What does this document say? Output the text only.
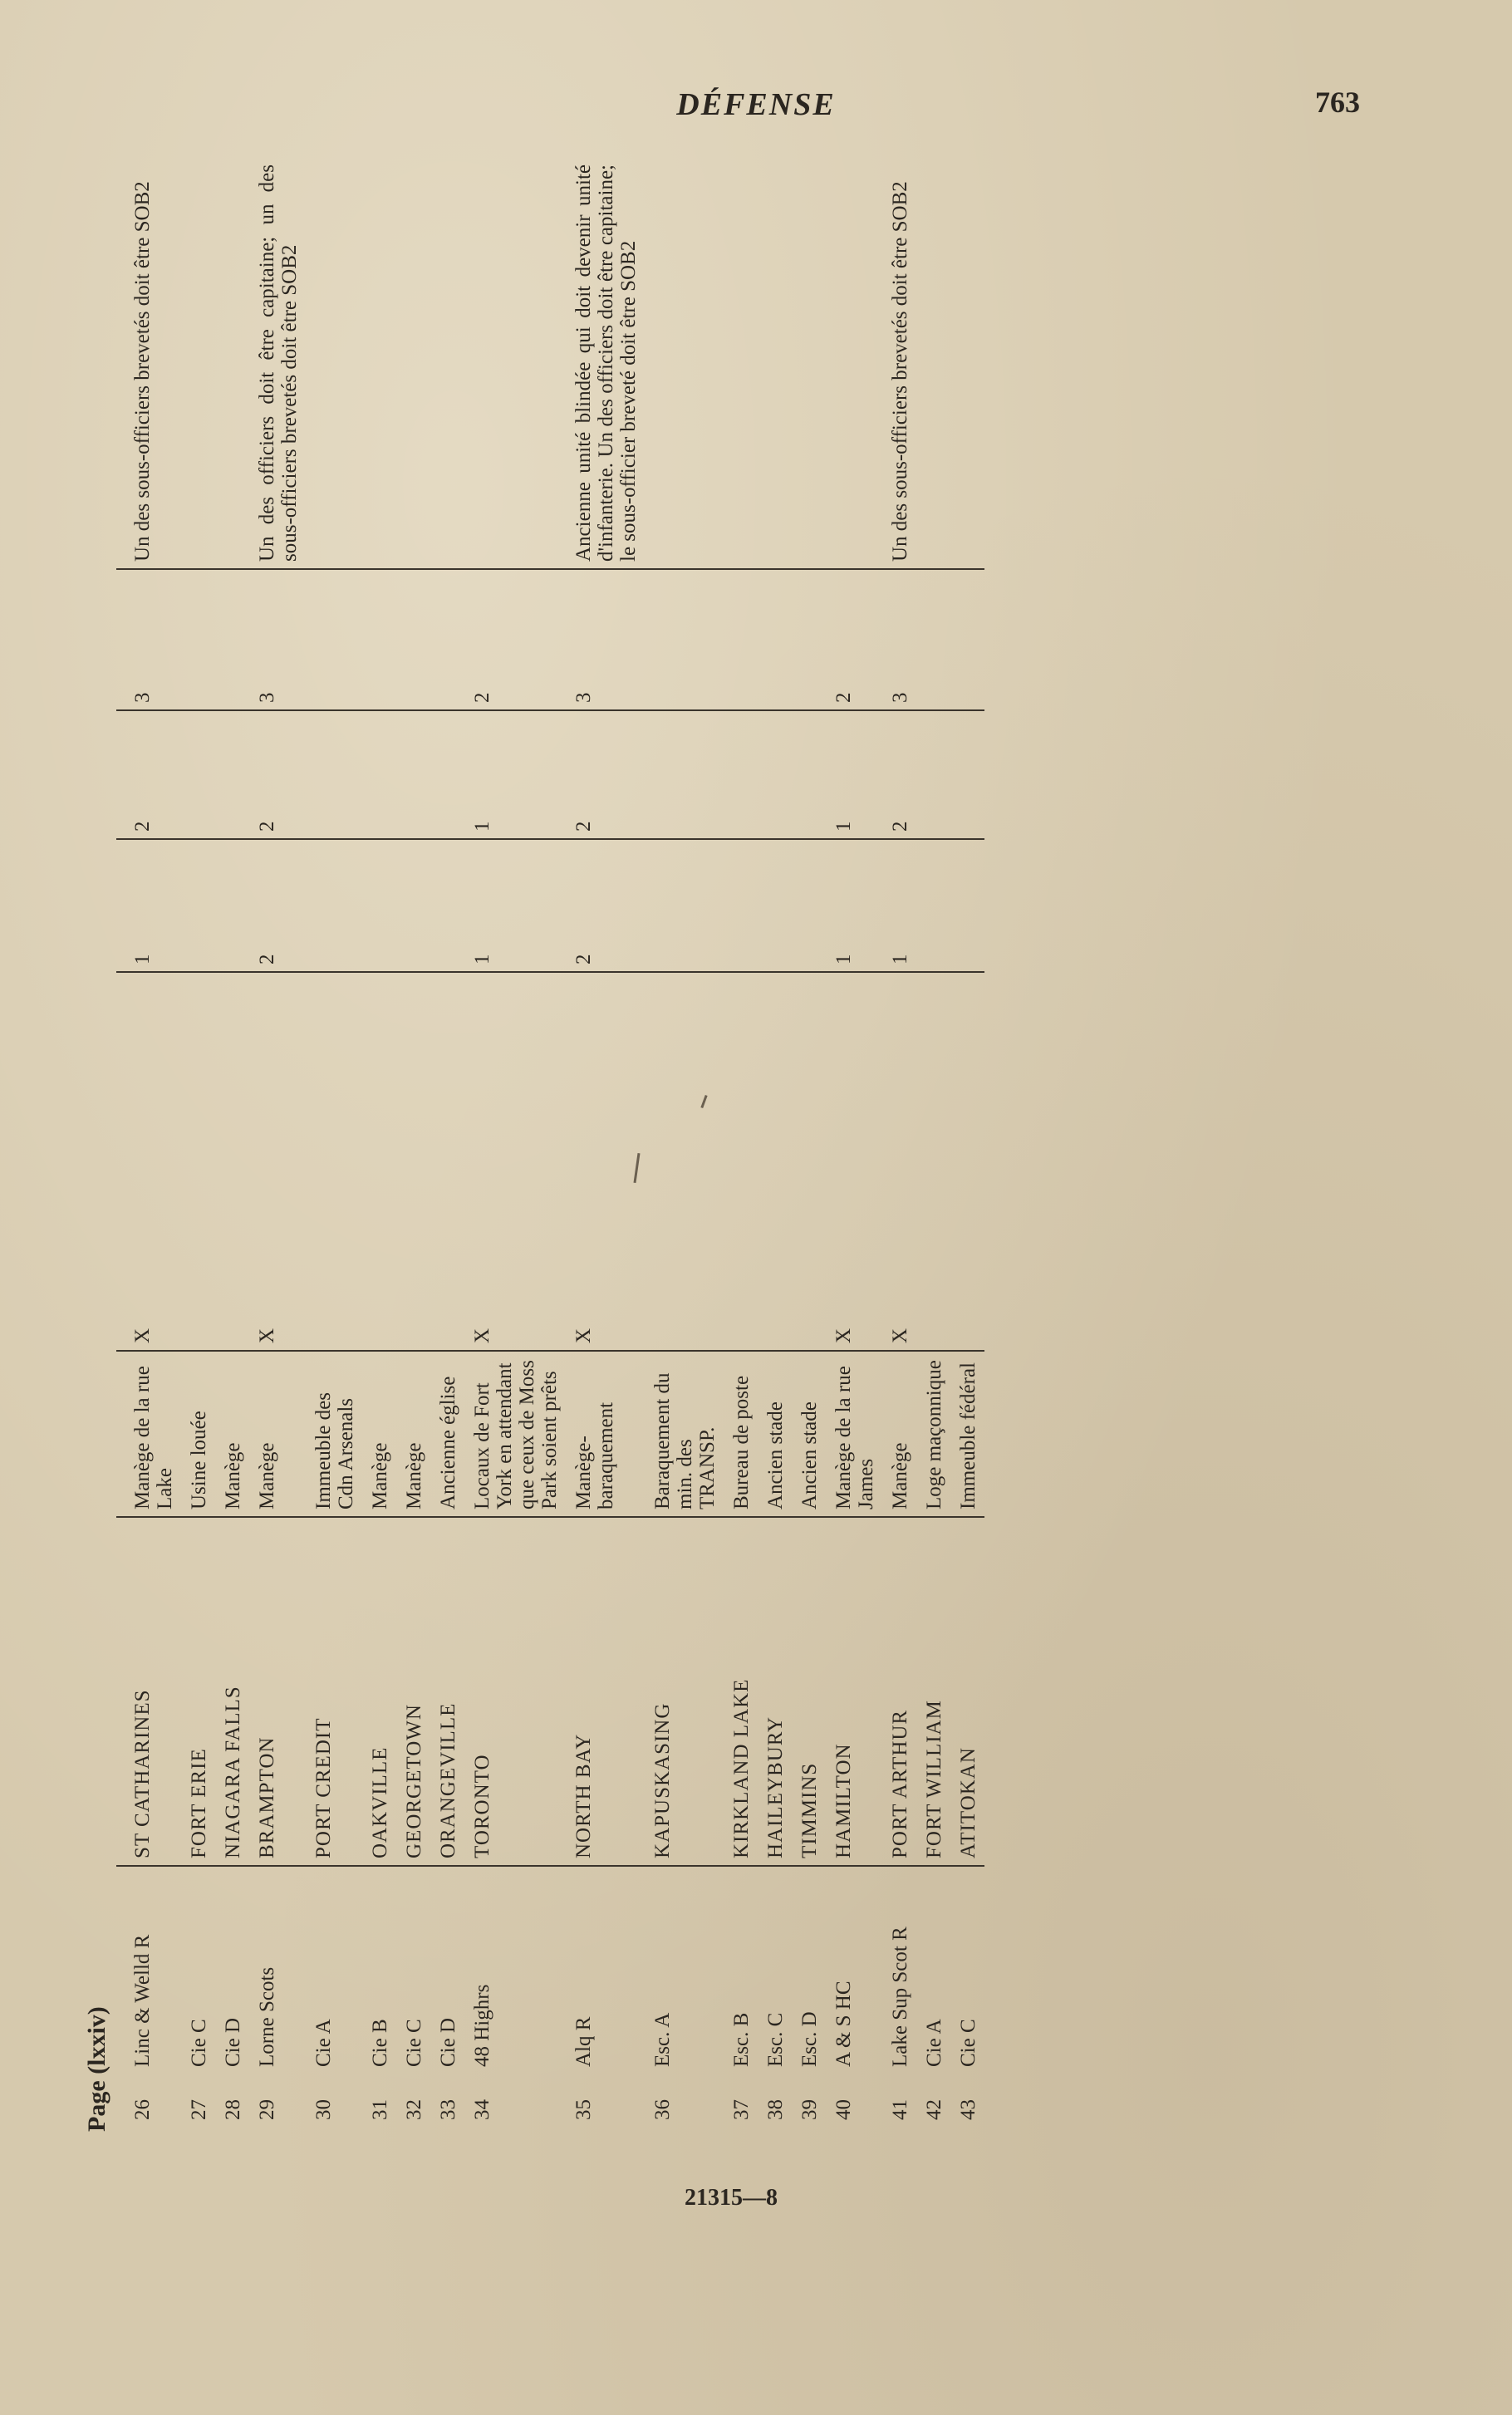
DÉFENSE	763
21315—8
Page (lxxiv)
								26	Linc & Welld R	ST CATHARINES	Manège de la rue Lake	X	1	2	3	Un des sous-officiers brevetés doit être SOB2
27	Cie C	FORT ERIE	Usine louée					
28	Cie D	NIAGARA FALLS	Manège					
29	Lorne Scots	BRAMPTON	Manège	X	2	2	3	Un des officiers doit être capitaine; un des sous-officiers brevetés doit être SOB2
30	Cie A	PORT CREDIT	Immeuble des Cdn Arsenals					
31	Cie B	OAKVILLE	Manège					
32	Cie C	GEORGETOWN	Manège					
33	Cie D	ORANGEVILLE	Ancienne église					
34	48 Highrs	TORONTO	Locaux de Fort York en attendant que ceux de Moss Park soient prêts	X	1	1	2	
35	Alq R	NORTH BAY	Manège-baraquement	X	2	2	3	Ancienne unité blindée qui doit devenir unité d'infanterie. Un des officiers doit être capitaine; le sous-officier breveté doit être SOB2
36	Esc. A	KAPUSKASING	Baraquement du min. des TRANSP.					
37	Esc. B	KIRKLAND LAKE	Bureau de poste					
38	Esc. C	HAILEYBURY	Ancien stade					
39	Esc. D	TIMMINS	Ancien stade					
40	A & S HC	HAMILTON	Manège de la rue James	X	1	1	2	
41	Lake Sup Scot R	PORT ARTHUR	Manège	X	1	2	3	Un des sous-officiers brevetés doit être SOB2
42	Cie A	FORT WILLIAM	Loge maçonnique					
43	Cie C	ATITOKAN	Immeuble fédéral					
